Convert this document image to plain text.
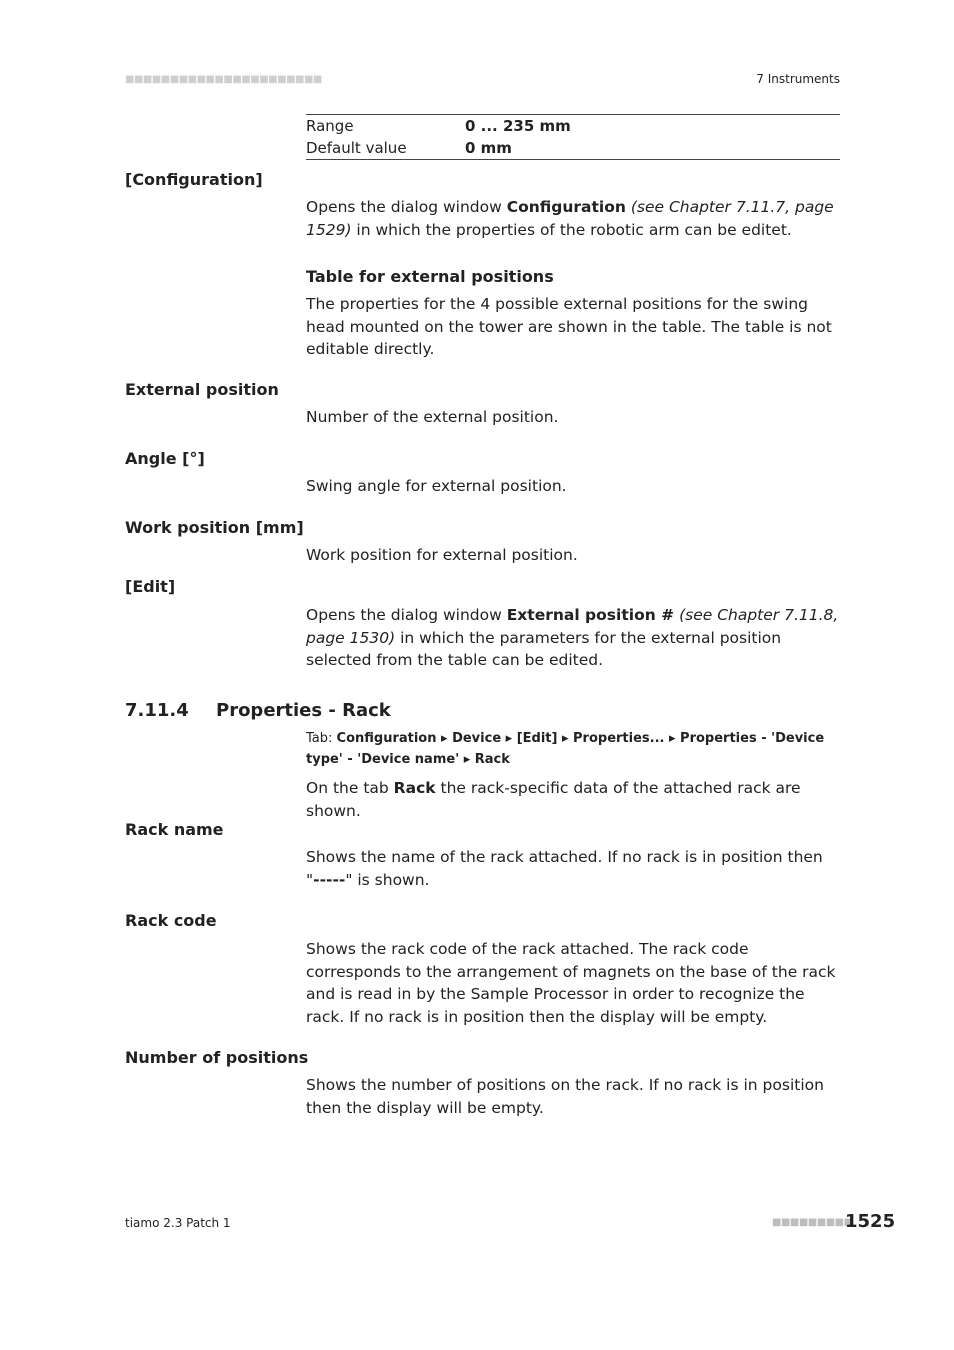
■■■■■■■■■■■■■■■■■■■■■■	7 Instruments
Range	0 ... 235 mm
Default value	0 mm
[Configuration]
Opens the dialog window Configuration (see Chapter 7.11.7, page 1529) in which the properties of the robotic arm can be editet.
Table for external positions
The properties for the 4 possible external positions for the swing head mounted on the tower are shown in the table. The table is not editable directly.
External position
Number of the external position.
Angle [°]
Swing angle for external position.
Work position [mm]
Work position for external position.
[Edit]
Opens the dialog window External position # (see Chapter 7.11.8, page 1530) in which the parameters for the external position selected from the table can be edited.
7.11.4 Properties - Rack
Tab: Configuration ▸ Device ▸ [Edit] ▸ Properties... ▸ Properties - 'Device type' - 'Device name' ▸ Rack
On the tab Rack the rack-specific data of the attached rack are shown.
Rack name
Shows the name of the rack attached. If no rack is in position then "-----" is shown.
Rack code
Shows the rack code of the rack attached. The rack code corresponds to the arrangement of magnets on the base of the rack and is read in by the Sample Processor in order to recognize the rack. If no rack is in position then the display will be empty.
Number of positions
Shows the number of positions on the rack. If no rack is in position then the display will be empty.
tiamo 2.3 Patch 1	■■■■■■■■■
1525
